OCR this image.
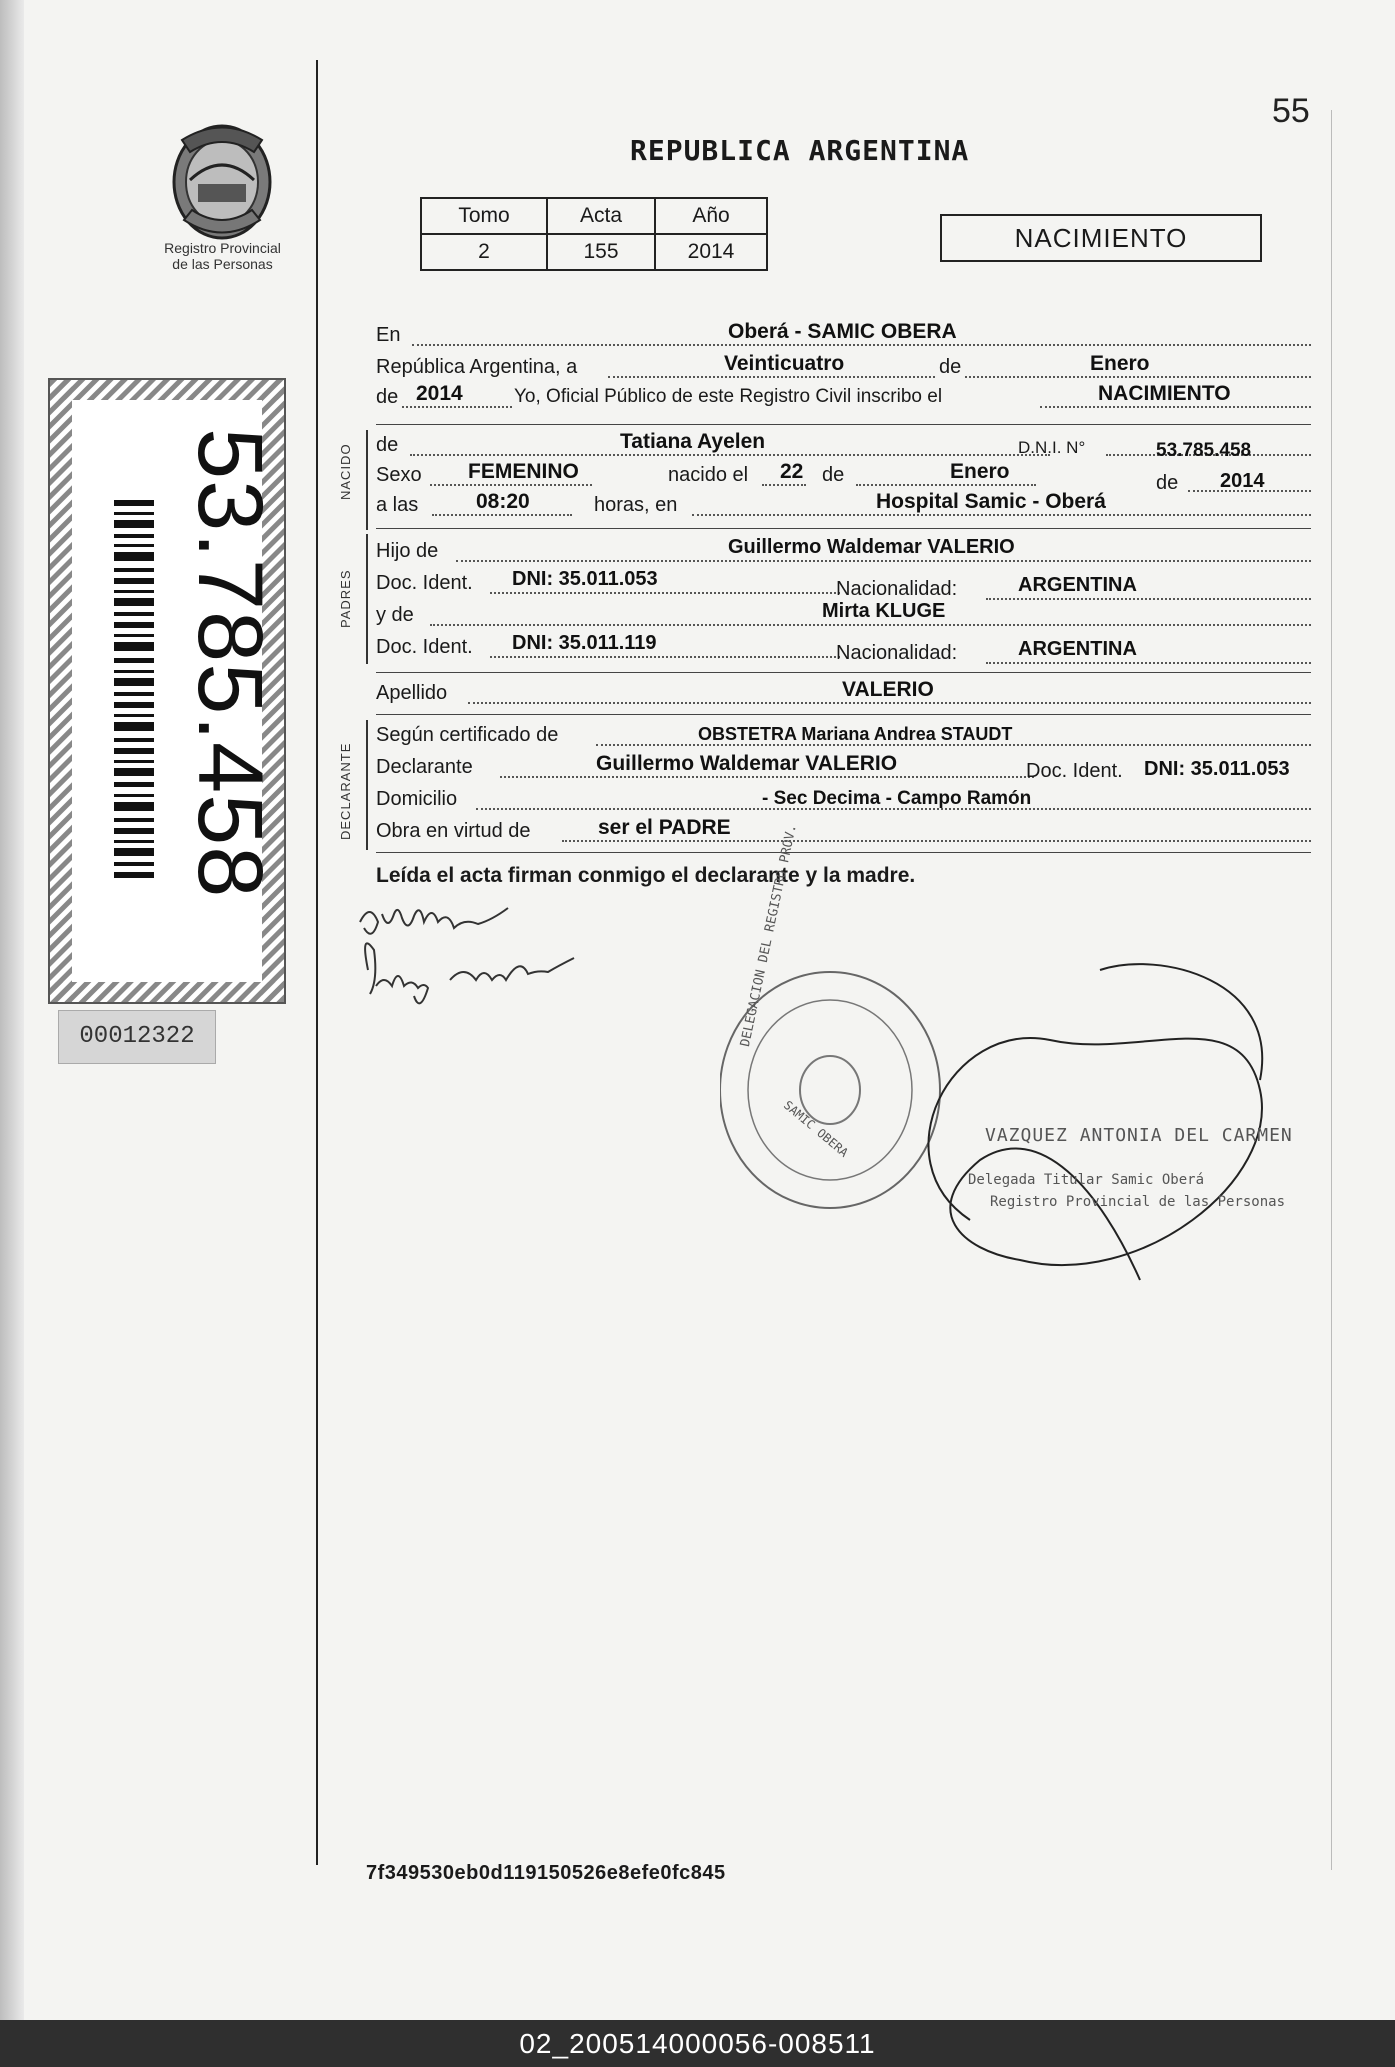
Registro Provincial
de las Personas
53.785.458
00012322
55
REPUBLICA ARGENTINA
Tomo	Acta	Año
2	155	2014	NACIMIENTO
En	Oberá - SAMIC OBERA
República Argentina, a	Veinticuatro	de	Enero
de 2014	Yo, Oficial Público de este Registro Civil inscribo el	NACIMIENTO
NACIDO de	Tatiana Ayelen	D.N.I. N°	53.785.458
Sexo FEMENINO	nacido el 22 de	Enero	de 2014
a las	08:20	horas, en	Hospital Samic - Oberá
PADRES
Hijo de	Guillermo Waldemar VALERIO
Doc. Ident. DNI: 35.011.053	Nacionalidad:	ARGENTINA
y de	Mirta KLUGE
Doc. Ident. DNI: 35.011.119	Nacionalidad:	ARGENTINA
Apellido	VALERIO
DECLARANTE
Según certificado de	OBSTETRA Mariana Andrea STAUDT
Declarante	Guillermo Waldemar VALERIO	Doc. Ident. DNI: 35.011.053
Domicilio	- Sec Decima - Campo Ramón
Obra en virtud de	ser el PADRE
Leída el acta firman conmigo el declarante y la madre.
DELEGACION DEL REGISTRO PROV.
SAMIC OBERA	VAZQUEZ ANTONIA DEL CARMEN
Delegada Titular Samic Oberá
Registro Provincial de las Personas
7f349530eb0d119150526e8efe0fc845
02_200514000056-008511
